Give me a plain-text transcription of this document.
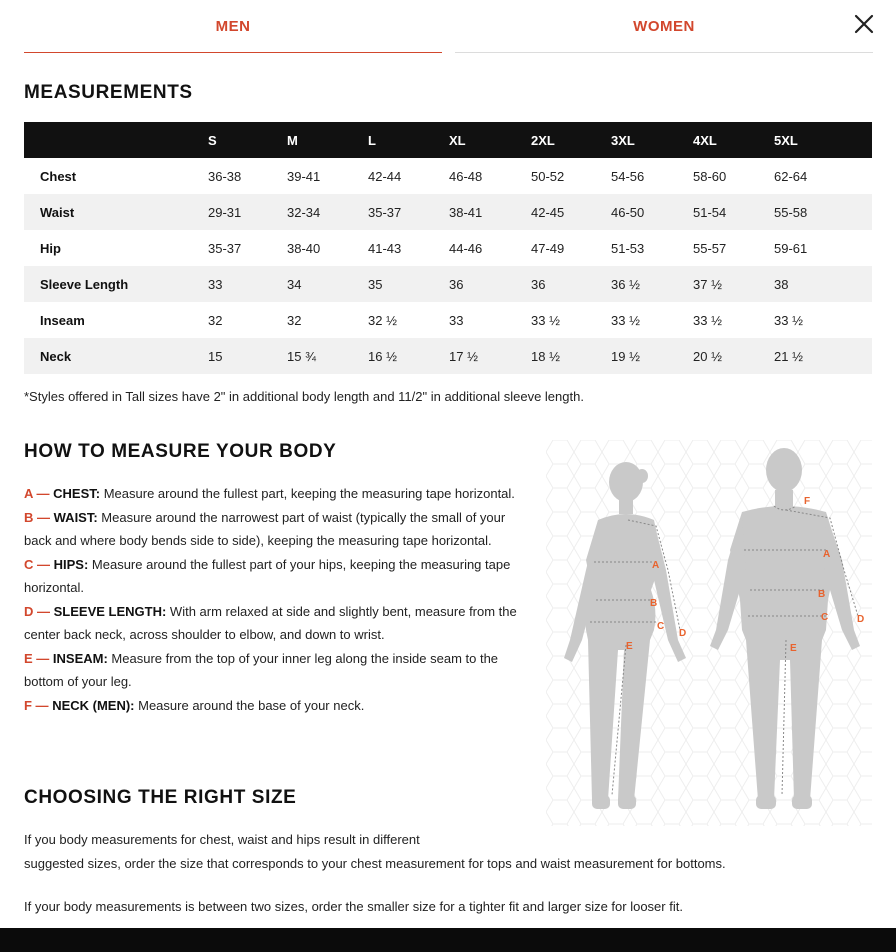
MEN	WOMEN
MEASUREMENTS
	S	M	L	XL	2XL	3XL	4XL	5XL
Chest	36-38	39-41	42-44	46-48	50-52	54-56	58-60	62-64
Waist	29-31	32-34	35-37	38-41	42-45	46-50	51-54	55-58
Hip	35-37	38-40	41-43	44-46	47-49	51-53	55-57	59-61
Sleeve Length	33	34	35	36	36	36 ½	37 ½	38
Inseam	32	32	32 ½	33	33 ½	33 ½	33 ½	33 ½
Neck	15	15 ¾	16 ½	17 ½	18 ½	19 ½	20 ½	21 ½
*Styles offered in Tall sizes have 2" in additional body length and 11/2" in additional sleeve length.
HOW TO MEASURE YOUR BODY

A — CHEST: Measure around the fullest part, keeping the measuring tape horizontal.

B — WAIST: Measure around the narrowest part of waist (typically the small of your back and where body bends side to side), keeping the measuring tape horizontal.

C — HIPS: Measure around the fullest part of your hips, keeping the measuring tape horizontal.

D — SLEEVE LENGTH: With arm relaxed at side and slightly bent, measure from the center back neck, across shoulder to elbow, and down to wrist.

E — INSEAM: Measure from the top of your inner leg along the inside seam to the bottom of your leg.

F — NECK (MEN): Measure around the base of your neck.

A
B
C
D
E
F
A
B
C	D
E
CHOOSING THE RIGHT SIZE

If you body measurements for chest, waist and hips result in different

suggested sizes, order the size that corresponds to your chest measurement for tops and waist measurement for bottoms.

If your body measurements is between two sizes, order the smaller size for a tighter fit and larger size for looser fit.
